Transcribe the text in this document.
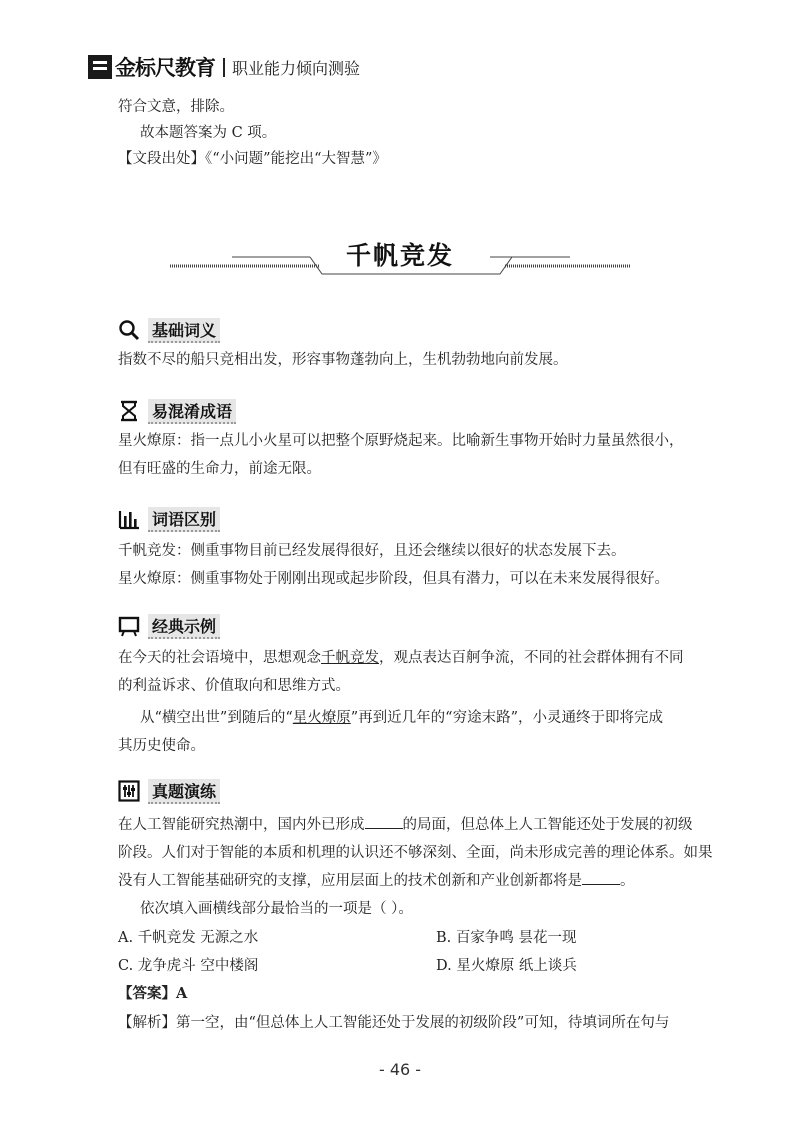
金标尺教育 职业能力倾向测验
符合文意，排除。
故本题答案为 C 项。
【文段出处】《“小问题”能挖出“大智慧”》
千帆竞发
基础词义
指数不尽的船只竞相出发，形容事物蓬勃向上，生机勃勃地向前发展。
易混淆成语
星火燎原：指一点儿小火星可以把整个原野烧起来。比喻新生事物开始时力量虽然很小，
但有旺盛的生命力，前途无限。
词语区别
千帆竞发：侧重事物目前已经发展得很好，且还会继续以很好的状态发展下去。
星火燎原：侧重事物处于刚刚出现或起步阶段，但具有潜力，可以在未来发展得很好。
经典示例
在今天的社会语境中，思想观念千帆竞发，观点表达百舸争流，不同的社会群体拥有不同
的利益诉求、价值取向和思维方式。
从“横空出世”到随后的“星火燎原”再到近几年的“穷途末路”，小灵通终于即将完成
其历史使命。
真题演练
在人工智能研究热潮中，国内外已形成	的局面，但总体上人工智能还处于发展的初级
阶段。人们对于智能的本质和机理的认识还不够深刻、全面，尚未形成完善的理论体系。如果
没有人工智能基础研究的支撑，应用层面上的技术创新和产业创新都将是	。
依次填入画横线部分最恰当的一项是（ ）。
A. 千帆竞发 无源之水	B. 百家争鸣 昙花一现
C. 龙争虎斗 空中楼阁	D. 星火燎原 纸上谈兵
【答案】A
【解析】第一空，由“但总体上人工智能还处于发展的初级阶段”可知，待填词所在句与
- 46 -
